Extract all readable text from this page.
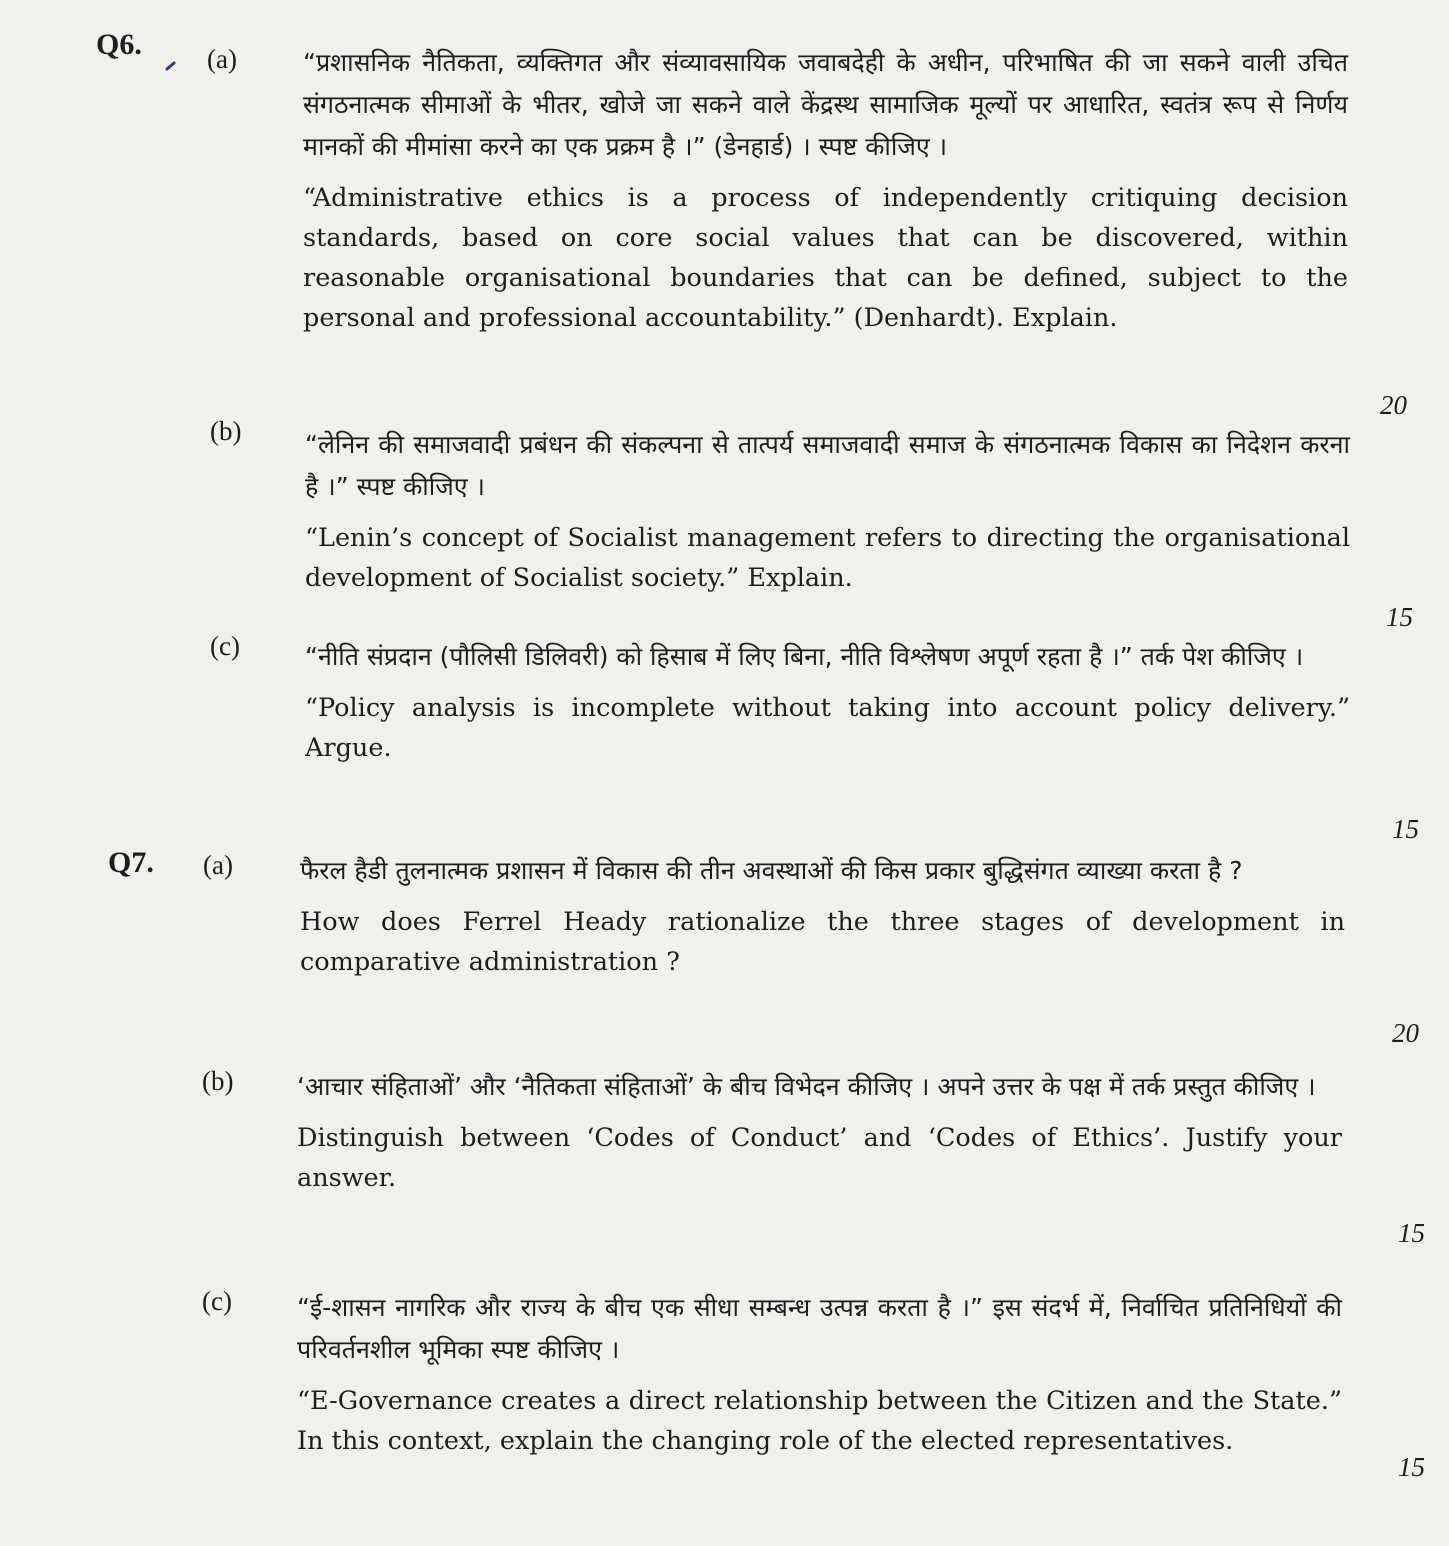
Q6. (a)	“प्रशासनिक नैतिकता, व्यक्तिगत और संव्यावसायिक जवाबदेही के अधीन, परिभाषित की जा सकने वाली उचित संगठनात्मक सीमाओं के भीतर, खोजे जा सकने वाले केंद्रस्थ सामाजिक मूल्यों पर आधारित, स्वतंत्र रूप से निर्णय मानकों की मीमांसा करने का एक प्रक्रम है ।” (डेनहार्ड) । स्पष्ट कीजिए ।

“Administrative ethics is a process of independently critiquing decision standards, based on core social values that can be discovered, within reasonable organisational boundaries that can be defined, subject to the personal and professional accountability.” (Denhardt). Explain.

20
(b)	“लेनिन की समाजवादी प्रबंधन की संकल्पना से तात्पर्य समाजवादी समाज के संगठनात्मक विकास का निदेशन करना है ।” स्पष्ट कीजिए ।

“Lenin’s concept of Socialist management refers to directing the organisational development of Socialist society.” Explain.

15
(c)	“नीति संप्रदान (पौलिसी डिलिवरी) को हिसाब में लिए बिना, नीति विश्लेषण अपूर्ण रहता है ।” तर्क पेश कीजिए ।

“Policy analysis is incomplete without taking into account policy delivery.” Argue.

15
Q7. (a)	फैरल हैडी तुलनात्मक प्रशासन में विकास की तीन अवस्थाओं की किस प्रकार बुद्धिसंगत व्याख्या करता है ?

How does Ferrel Heady rationalize the three stages of development in comparative administration ?

20
(b)	‘आचार संहिताओं’ और ‘नैतिकता संहिताओं’ के बीच विभेदन कीजिए । अपने उत्तर के पक्ष में तर्क प्रस्तुत कीजिए ।

Distinguish between ‘Codes of Conduct’ and ‘Codes of Ethics’. Justify your answer.

15
(c)	“ई-शासन नागरिक और राज्य के बीच एक सीधा सम्बन्ध उत्पन्न करता है ।” इस संदर्भ में, निर्वाचित प्रतिनिधियों की परिवर्तनशील भूमिका स्पष्ट कीजिए ।

“E-Governance creates a direct relationship between the Citizen and the State.” In this context, explain the changing role of the elected representatives.

15
